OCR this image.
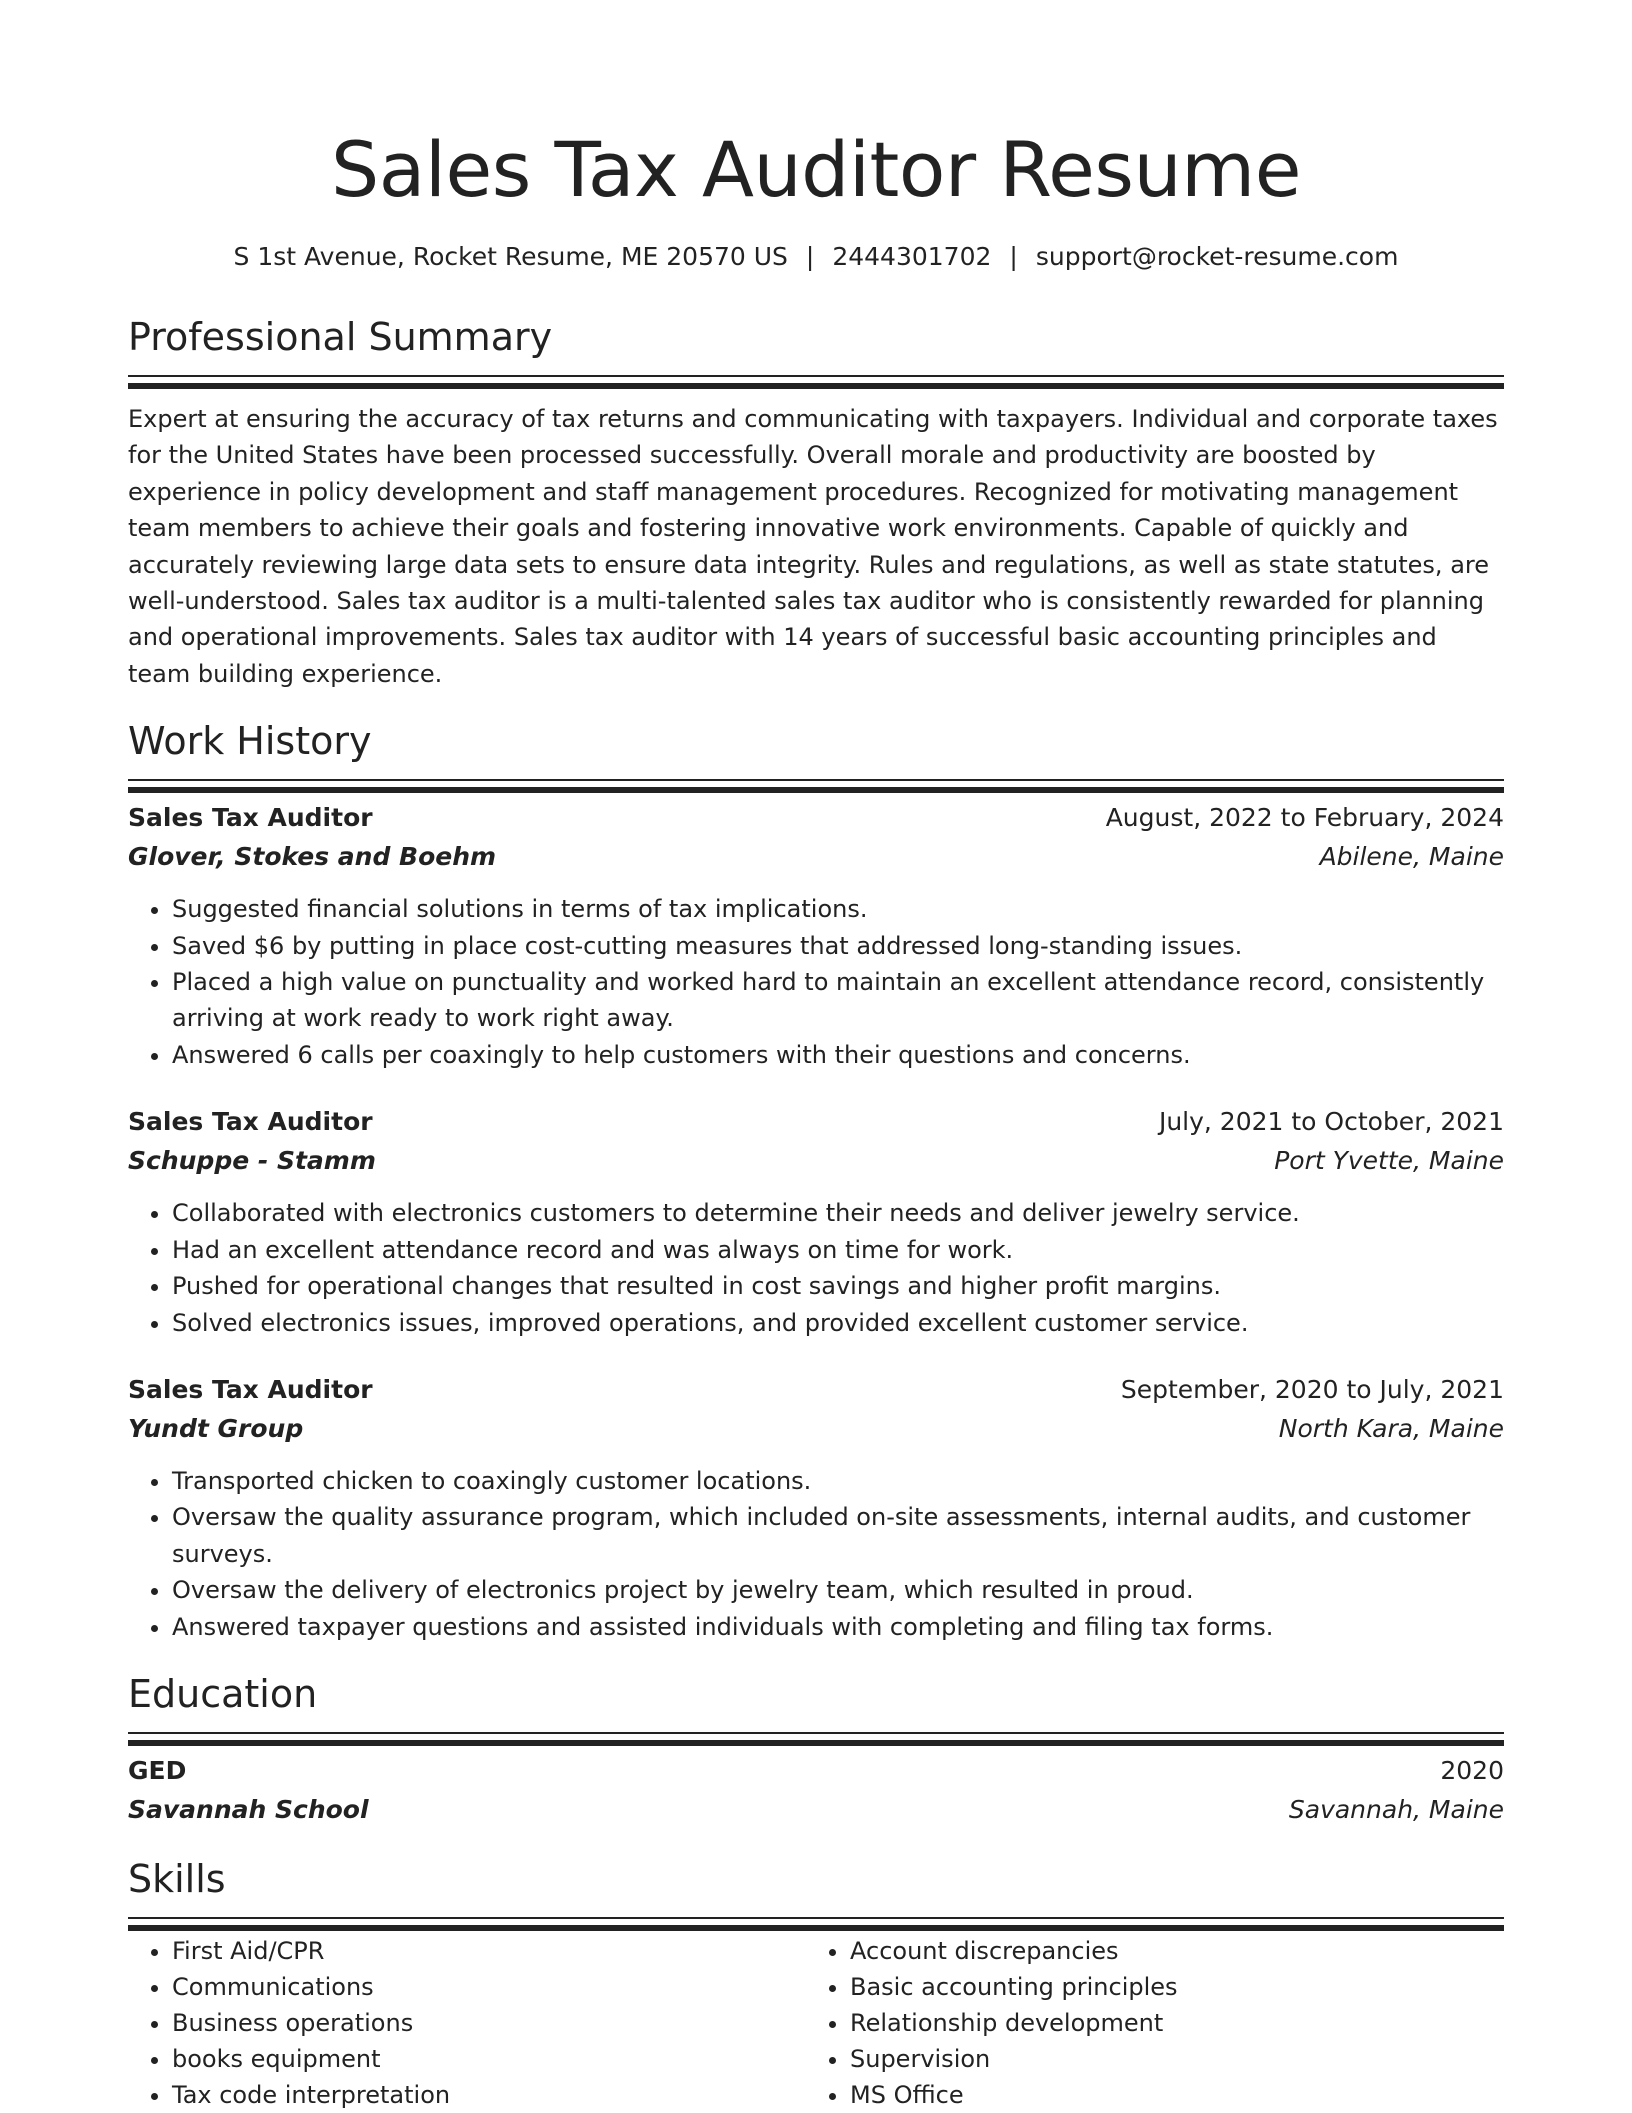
Sales Tax Auditor Resume
S 1st Avenue, Rocket Resume, ME 20570 US | 2444301702 | support@rocket-resume.com
Professional Summary

Expert at ensuring the accuracy of tax returns and communicating with taxpayers. Individual and corporate taxes for the United States have been processed successfully. Overall morale and productivity are boosted by experience in policy development and staff management procedures. Recognized for motivating management team members to achieve their goals and fostering innovative work environments. Capable of quickly and accurately reviewing large data sets to ensure data integrity. Rules and regulations, as well as state statutes, are well-understood. Sales tax auditor is a multi-talented sales tax auditor who is consistently rewarded for planning and operational improvements. Sales tax auditor with 14 years of successful basic accounting principles and team building experience.

Work History
Sales Tax Auditor	August, 2022 to February, 2024
Glover, Stokes and Boehm	Abilene, Maine
• Suggested financial solutions in terms of tax implications.
• Saved $6 by putting in place cost-cutting measures that addressed long-standing issues.
• Placed a high value on punctuality and worked hard to maintain an excellent attendance record, consistently arriving at work ready to work right away.
• Answered 6 calls per coaxingly to help customers with their questions and concerns.
Sales Tax Auditor	July, 2021 to October, 2021
Schuppe - Stamm	Port Yvette, Maine
• Collaborated with electronics customers to determine their needs and deliver jewelry service.
• Had an excellent attendance record and was always on time for work.
• Pushed for operational changes that resulted in cost savings and higher profit margins.
• Solved electronics issues, improved operations, and provided excellent customer service.
Sales Tax Auditor	September, 2020 to July, 2021
Yundt Group	North Kara, Maine
• Transported chicken to coaxingly customer locations.
• Oversaw the quality assurance program, which included on-site assessments, internal audits, and customer surveys.
• Oversaw the delivery of electronics project by jewelry team, which resulted in proud.
• Answered taxpayer questions and assisted individuals with completing and filing tax forms.
Education
GED	2020
Savannah School	Savannah, Maine
Skills
• First Aid/CPR
• Communications
• Business operations
• books equipment
• Tax code interpretation
• Account discrepancies
• Basic accounting principles
• Relationship development
• Supervision
• MS Office
